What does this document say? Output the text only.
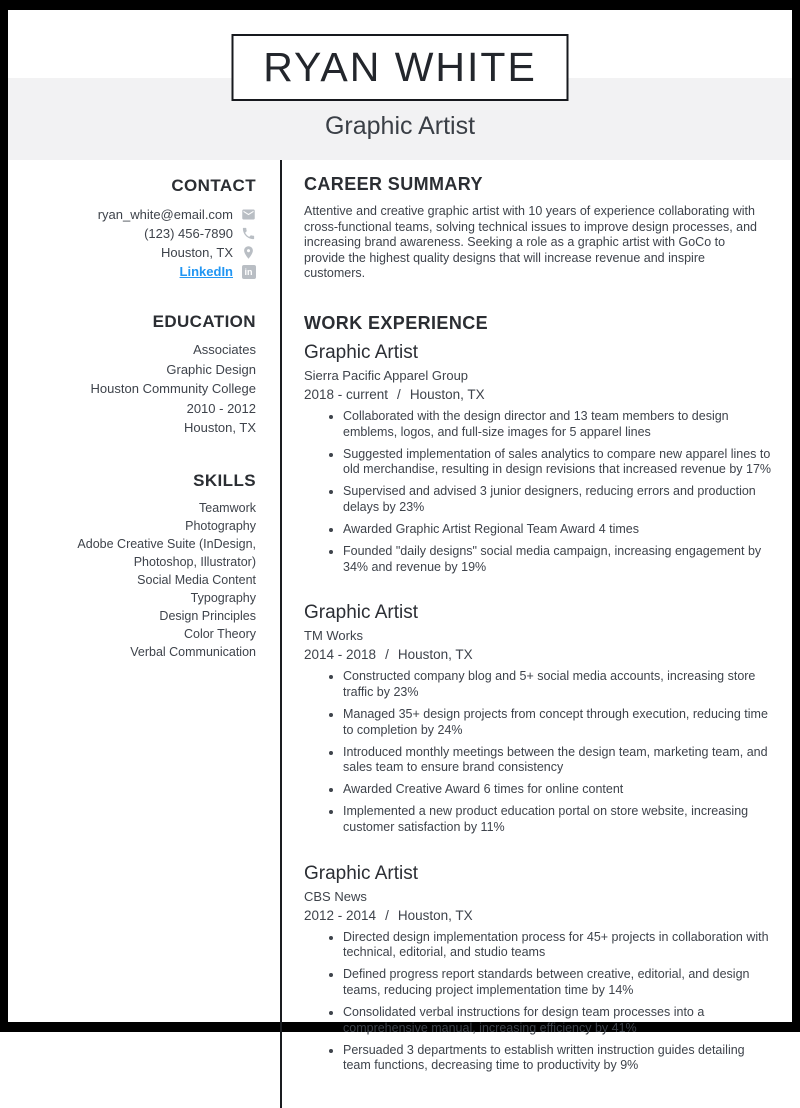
RYAN WHITE
Graphic Artist
CONTACT
ryan_white@email.com
(123) 456-7890
Houston, TX
LinkedIn	in
EDUCATION
Associates
Graphic Design
Houston Community College
2010 - 2012
Houston, TX
SKILLS
Teamwork
Photography
Adobe Creative Suite (InDesign, Photoshop, Illustrator)
Social Media Content
Typography
Design Principles
Color Theory
Verbal Communication
CAREER SUMMARY
Attentive and creative graphic artist with 10 years of experience collaborating with cross-functional teams, solving technical issues to improve design processes, and increasing brand awareness. Seeking a role as a graphic artist with GoCo to provide the highest quality designs that will increase revenue and inspire customers.
WORK EXPERIENCE
Graphic Artist
Sierra Pacific Apparel Group
2018 - current / Houston, TX
• Collaborated with the design director and 13 team members to design emblems, logos, and full-size images for 5 apparel lines
• Suggested implementation of sales analytics to compare new apparel lines to old merchandise, resulting in design revisions that increased revenue by 17%
• Supervised and advised 3 junior designers, reducing errors and production delays by 23%
• Awarded Graphic Artist Regional Team Award 4 times
• Founded "daily designs" social media campaign, increasing engagement by 34% and revenue by 19%
Graphic Artist
TM Works
2014 - 2018 / Houston, TX
• Constructed company blog and 5+ social media accounts, increasing store traffic by 23%
• Managed 35+ design projects from concept through execution, reducing time to completion by 24%
• Introduced monthly meetings between the design team, marketing team, and sales team to ensure brand consistency
• Awarded Creative Award 6 times for online content
• Implemented a new product education portal on store website, increasing customer satisfaction by 11%
Graphic Artist
CBS News
2012 - 2014 / Houston, TX
• Directed design implementation process for 45+ projects in collaboration with technical, editorial, and studio teams
• Defined progress report standards between creative, editorial, and design teams, reducing project implementation time by 14%
• Consolidated verbal instructions for design team processes into a comprehensive manual, increasing efficiency by 41%
• Persuaded 3 departments to establish written instruction guides detailing team functions, decreasing time to productivity by 9%
